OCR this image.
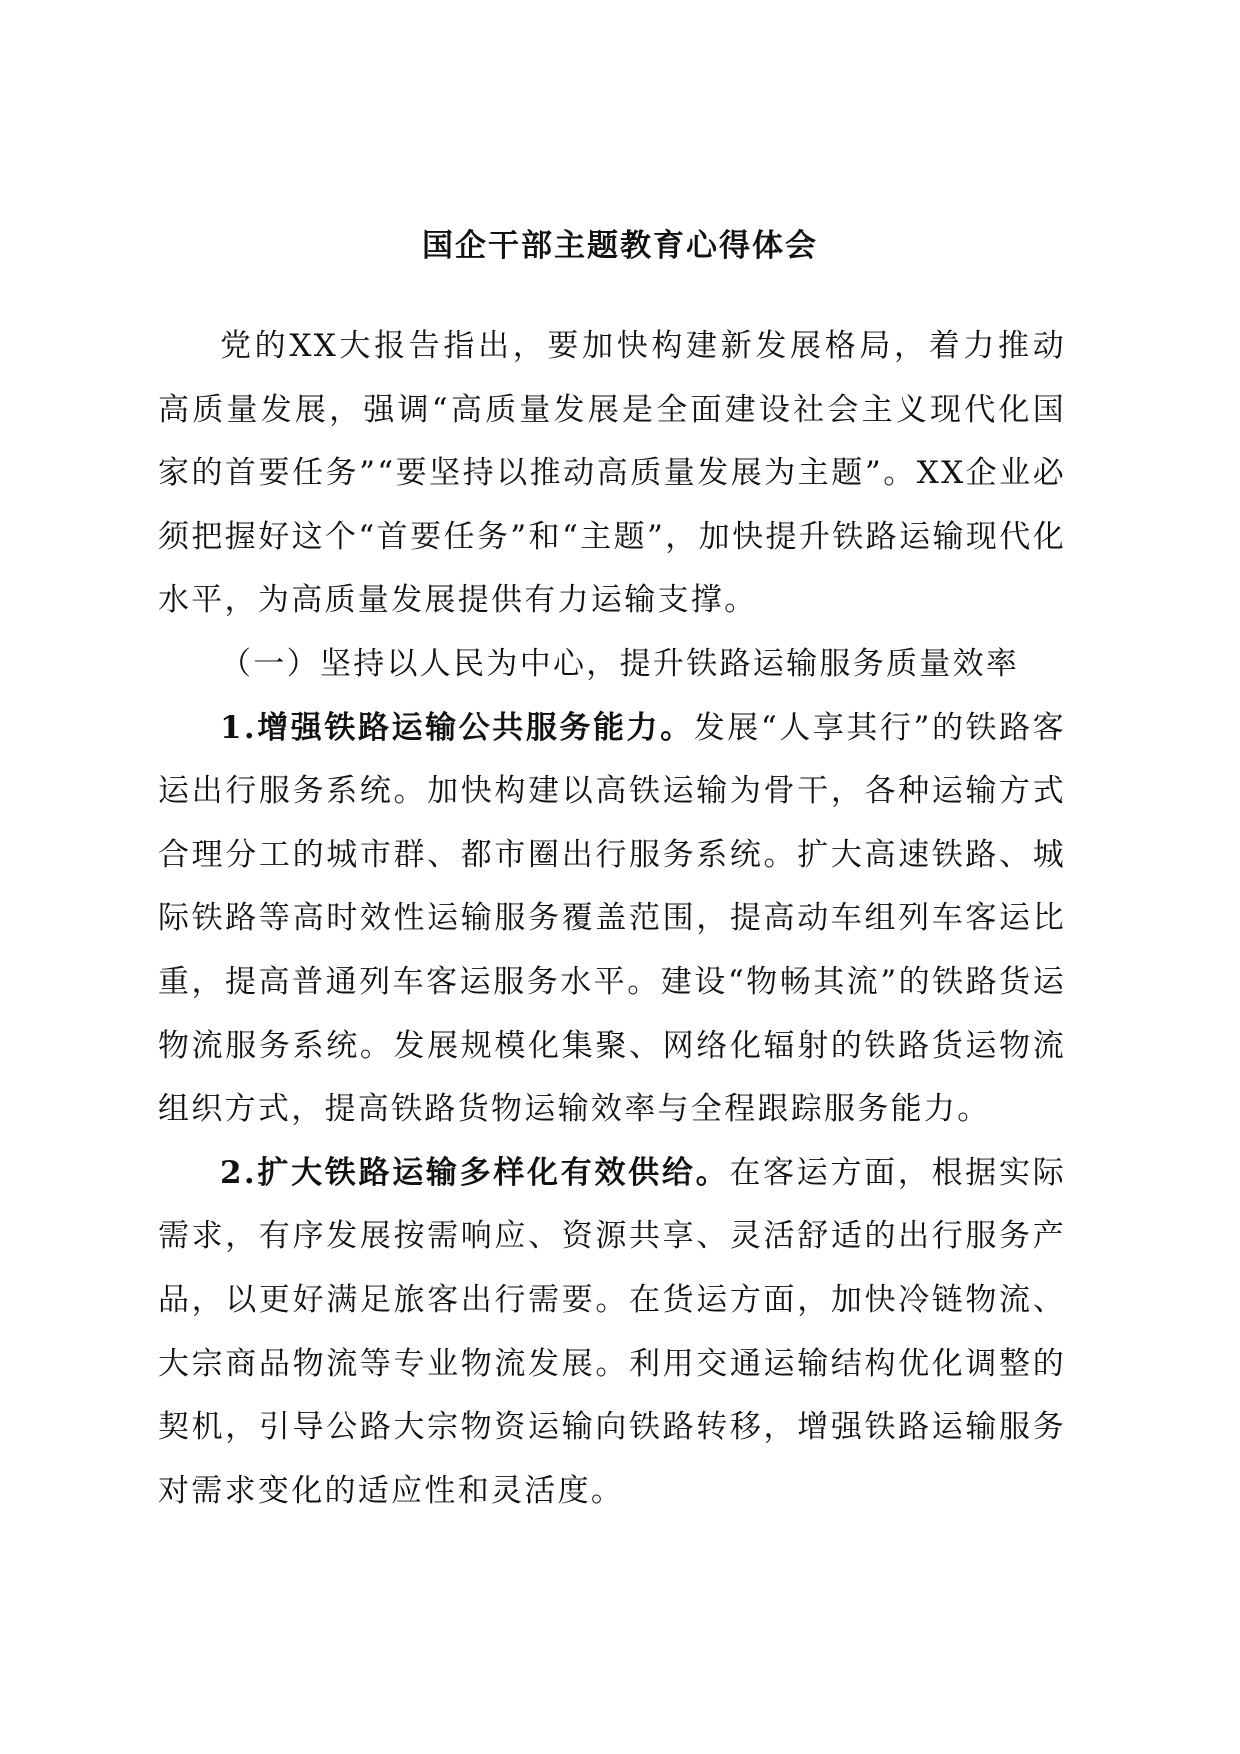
国企干部主题教育心得体会

党的XX大报告指出，要加快构建新发展格局，着力推动高质量发展，强调“高质量发展是全面建设社会主义现代化国家的首要任务”“要坚持以推动高质量发展为主题”。XX企业必须把握好这个“首要任务”和“主题”，加快提升铁路运输现代化水平，为高质量发展提供有力运输支撑。

（一）坚持以人民为中心，提升铁路运输服务质量效率

1.增强铁路运输公共服务能力。发展“人享其行”的铁路客运出行服务系统。加快构建以高铁运输为骨干，各种运输方式合理分工的城市群、都市圈出行服务系统。扩大高速铁路、城际铁路等高时效性运输服务覆盖范围，提高动车组列车客运比重，提高普通列车客运服务水平。建设“物畅其流”的铁路货运物流服务系统。发展规模化集聚、网络化辐射的铁路货运物流组织方式，提高铁路货物运输效率与全程跟踪服务能力。

2.扩大铁路运输多样化有效供给。在客运方面，根据实际需求，有序发展按需响应、资源共享、灵活舒适的出行服务产品，以更好满足旅客出行需要。在货运方面，加快冷链物流、大宗商品物流等专业物流发展。利用交通运输结构优化调整的契机，引导公路大宗物资运输向铁路转移，增强铁路运输服务对需求变化的适应性和灵活度。
